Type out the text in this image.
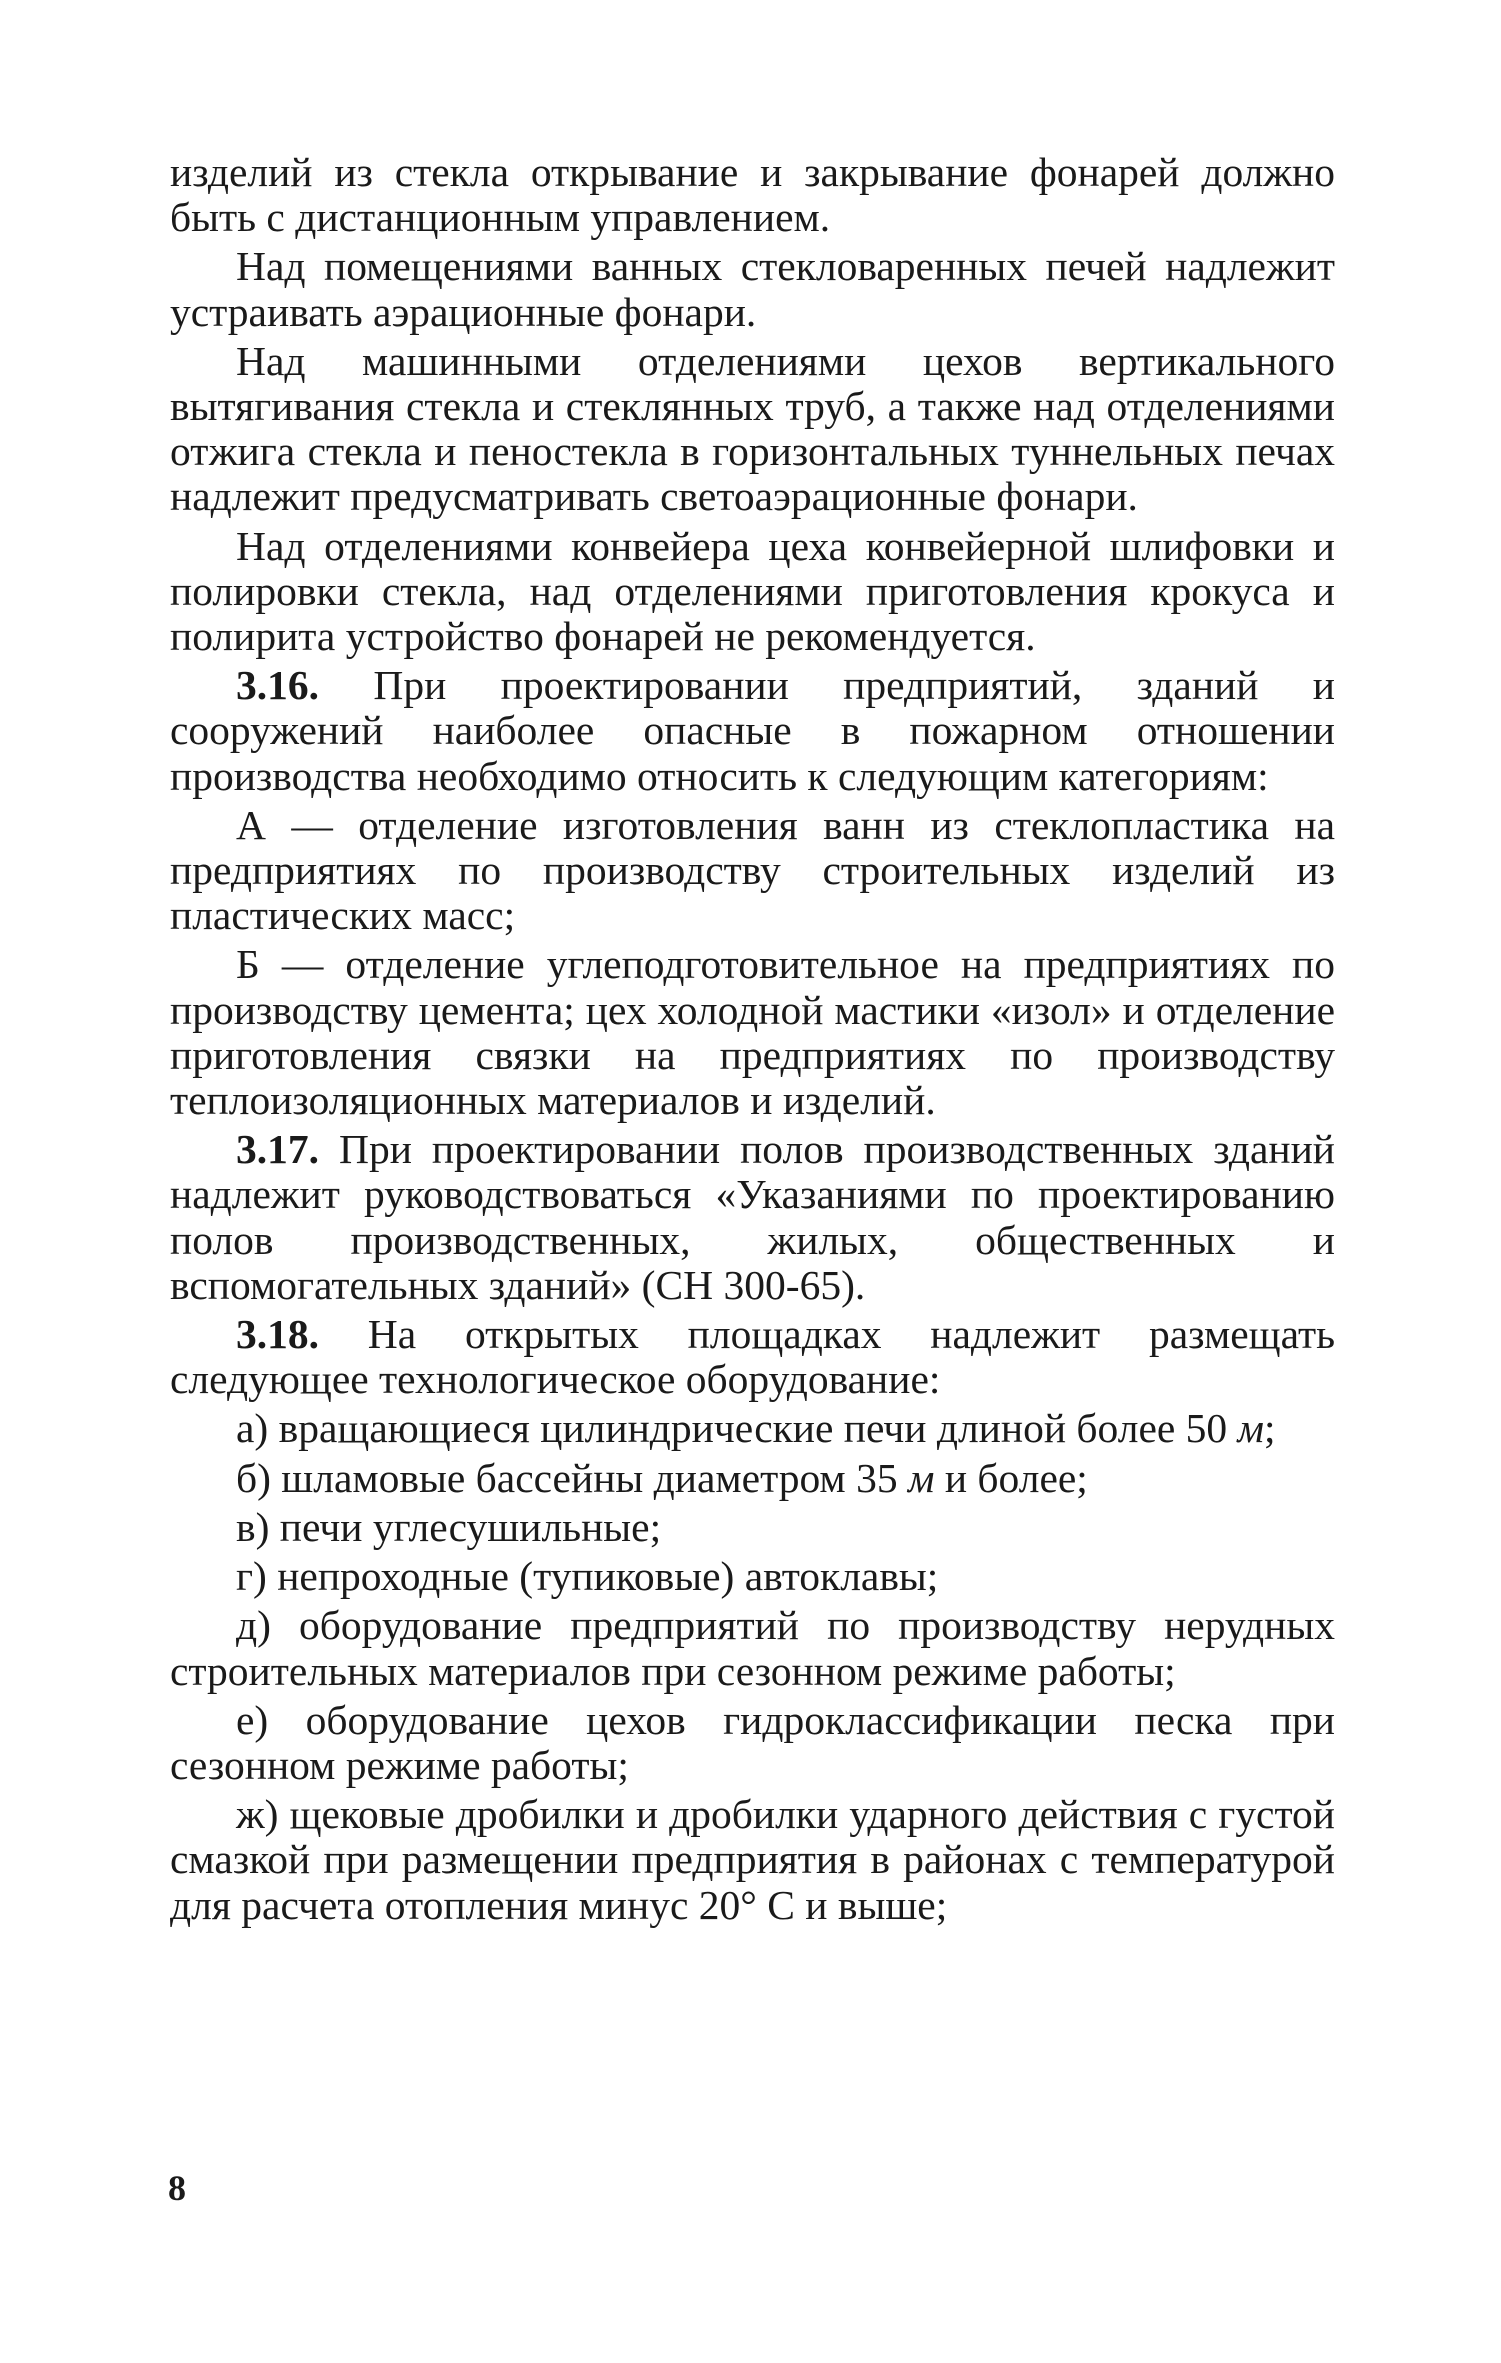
изделий из стекла открывание и закрывание фонарей должно быть с дистанционным управлением.

Над помещениями ванных стекловаренных печей надлежит устраивать аэрационные фонари.

Над машинными отделениями цехов вертикального вытягивания стекла и стеклянных труб, а также над отделениями отжига стекла и пеностекла в горизонтальных туннельных печах надлежит предусматривать светоаэрационные фонари.

Над отделениями конвейера цеха конвейерной шлифовки и полировки стекла, над отделениями приготовления крокуса и полирита устройство фонарей не рекомендуется.

3.16. При проектировании предприятий, зданий и сооружений наиболее опасные в пожарном отношении производства необходимо относить к следующим категориям:

А — отделение изготовления ванн из стеклопластика на предприятиях по производству строительных изделий из пластических масс;

Б — отделение углеподготовительное на предприятиях по производству цемента; цех холодной мастики «изол» и отделение приготовления связки на предприятиях по производству теплоизоляционных материалов и изделий.

3.17. При проектировании полов производственных зданий надлежит руководствоваться «Указаниями по проектированию полов производственных, жилых, общественных и вспомогательных зданий» (СН 300-65).

3.18. На открытых площадках надлежит размещать следующее технологическое оборудование:

а) вращающиеся цилиндрические печи длиной более 50 м;

б) шламовые бассейны диаметром 35 м и более;

в) печи углесушильные;

г) непроходные (тупиковые) автоклавы;

д) оборудование предприятий по производству нерудных строительных материалов при сезонном режиме работы;

е) оборудование цехов гидроклассификации песка при сезонном режиме работы;

ж) щековые дробилки и дробилки ударного действия с густой смазкой при размещении предприятия в районах с температурой для расчета отопления минус 20° С и выше;

8
